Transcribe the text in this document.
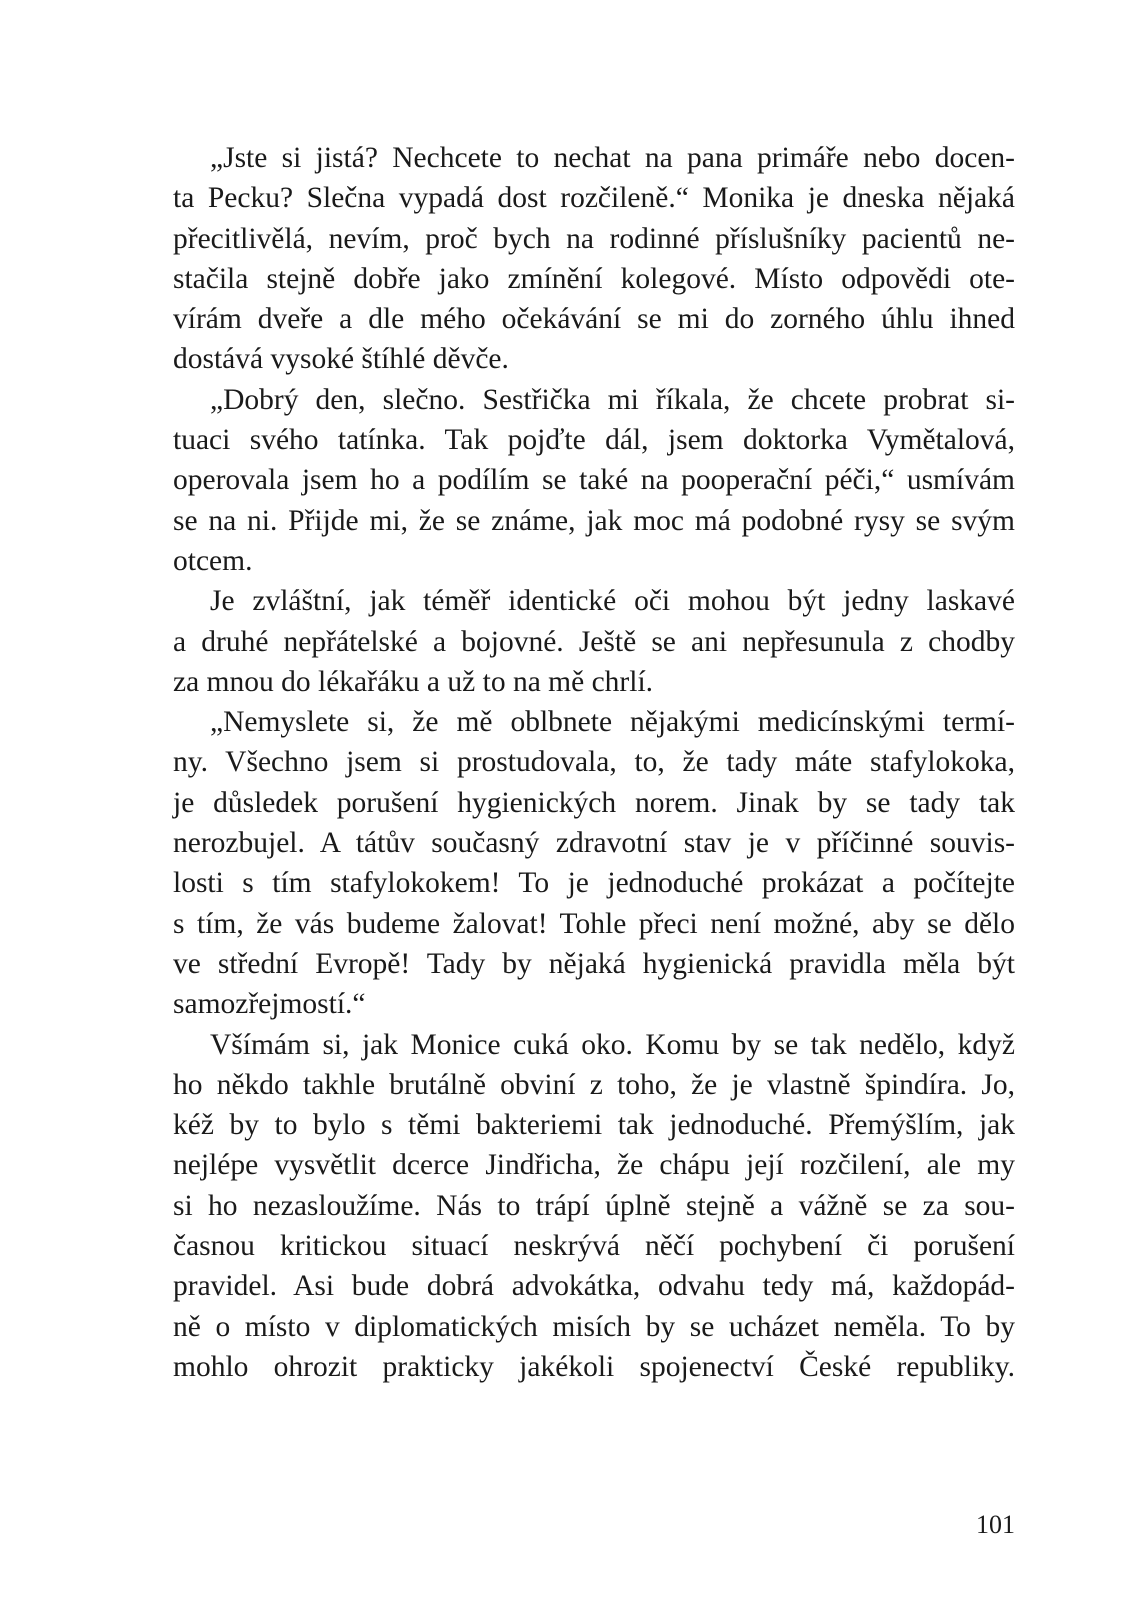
„Jste si jistá? Nechcete to nechat na pana primáře nebo docen-
ta Pecku? Slečna vypadá dost rozčileně.“ Monika je dneska nějaká
přecitlivělá, nevím, proč bych na rodinné příslušníky pacientů ne-
stačila stejně dobře jako zmínění kolegové. Místo odpovědi ote-
vírám dveře a dle mého očekávání se mi do zorného úhlu ihned
dostává vysoké štíhlé děvče.
„Dobrý den, slečno. Sestřička mi říkala, že chcete probrat si-
tuaci svého tatínka. Tak pojďte dál, jsem doktorka Vymětalová,
operovala jsem ho a podílím se také na pooperační péči,“ usmívám
se na ni. Přijde mi, že se známe, jak moc má podobné rysy se svým
otcem.
Je zvláštní, jak téměř identické oči mohou být jedny laskavé
a druhé nepřátelské a bojovné. Ještě se ani nepřesunula z chodby
za mnou do lékařáku a už to na mě chrlí.
„Nemyslete si, že mě oblbnete nějakými medicínskými termí-
ny. Všechno jsem si prostudovala, to, že tady máte stafylokoka,
je důsledek porušení hygienických norem. Jinak by se tady tak
nerozbujel. A tátův současný zdravotní stav je v příčinné souvis-
losti s tím stafylokokem! To je jednoduché prokázat a počítejte
s tím, že vás budeme žalovat! Tohle přeci není možné, aby se dělo
ve střední Evropě! Tady by nějaká hygienická pravidla měla být
samozřejmostí.“
Všímám si, jak Monice cuká oko. Komu by se tak nedělo, když
ho někdo takhle brutálně obviní z toho, že je vlastně špindíra. Jo,
kéž by to bylo s těmi bakteriemi tak jednoduché. Přemýšlím, jak
nejlépe vysvětlit dcerce Jindřicha, že chápu její rozčilení, ale my
si ho nezasloužíme. Nás to trápí úplně stejně a vážně se za sou-
časnou kritickou situací neskrývá něčí pochybení či porušení
pravidel. Asi bude dobrá advokátka, odvahu tedy má, každopád-
ně o místo v diplomatických misích by se ucházet neměla. To by
mohlo ohrozit prakticky jakékoli spojenectví České republiky.
101
